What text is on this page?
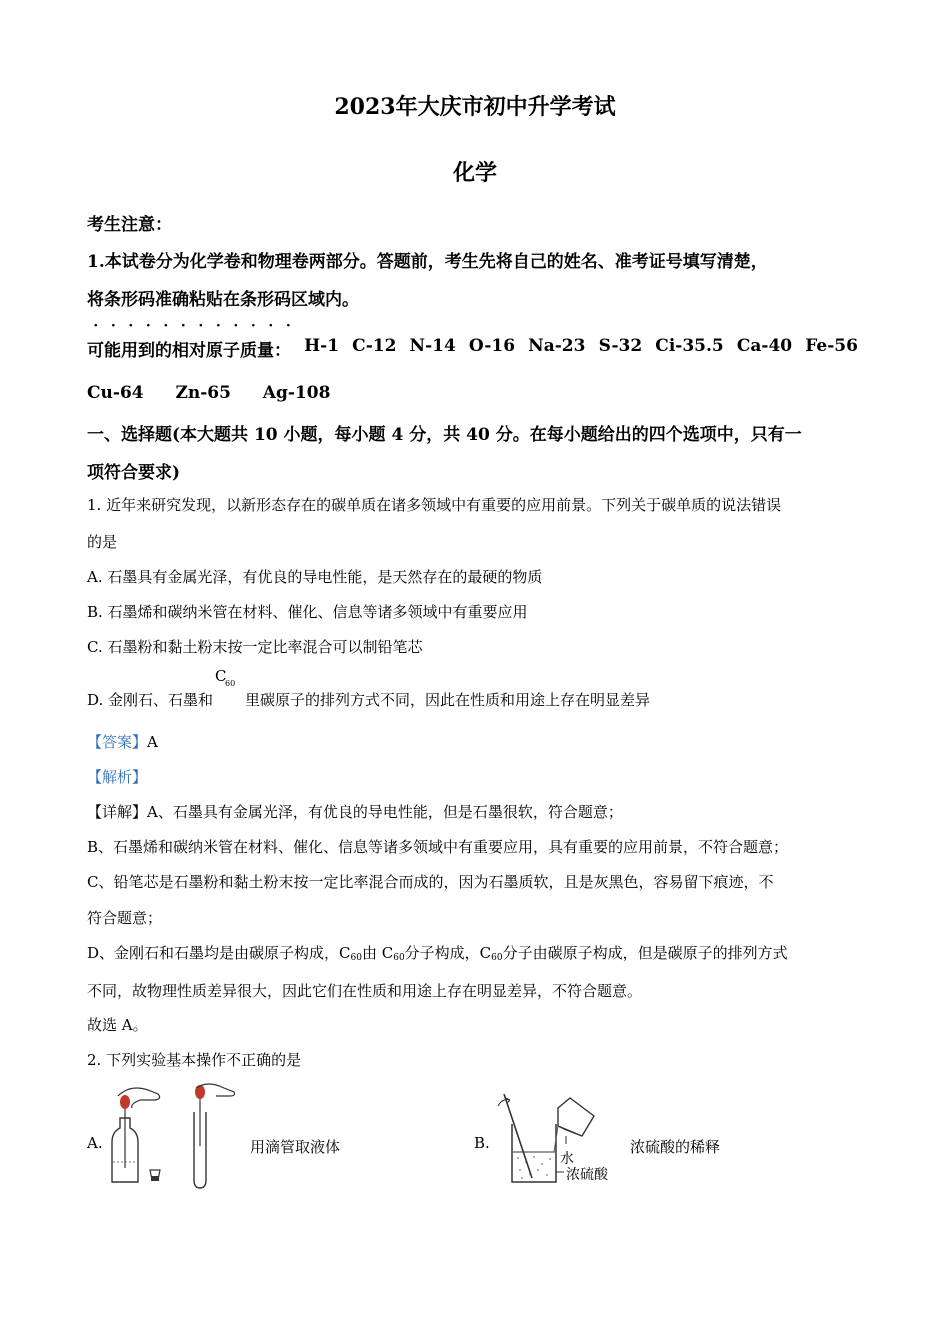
2023年大庆市初中升学考试
化学
考生注意：
1.本试卷分为化学卷和物理卷两部分。答题前，考生先将自己的姓名、准考证号填写清楚，
将条形码准确粘贴在条形码区域内。
· · · · · · · · · · · ·
可能用到的相对原子质量： H-1 C-12 N-14 O-16 Na-23 S-32 Ci-35.5 Ca-40 Fe-56
Cu-64 Zn-65 Ag-108
一、选择题(本大题共 10 小题，每小题 4 分，共 40 分。在每小题给出的四个选项中，只有一
项符合要求)
1. 近年来研究发现，以新形态存在的碳单质在诸多领域中有重要的应用前景。下列关于碳单质的说法错误
的是
A. 石墨具有金属光泽，有优良的导电性能，是天然存在的最硬的物质
B. 石墨烯和碳纳米管在材料、催化、信息等诸多领域中有重要应用
C. 石墨粉和黏土粉末按一定比率混合可以制铅笔芯
D. 金刚石、石墨和
C
60
里碳原子的排列方式不同，因此在性质和用途上存在明显差异
【答案】A
【解析】
【详解】A、石墨具有金属光泽，有优良的导电性能，但是石墨很软，符合题意；
B、石墨烯和碳纳米管在材料、催化、信息等诸多领域中有重要应用，具有重要的应用前景，不符合题意；
C、铅笔芯是石墨粉和黏土粉末按一定比率混合而成的，因为石墨质软，且是灰黑色，容易留下痕迹，不
符合题意；
D、金刚石和石墨均是由碳原子构成，$C_{60}$由 $C_{60}$分子构成，$C_{60}$分子由碳原子构成，但是碳原子的排列方式
不同，故物理性质差异很大，因此它们在性质和用途上存在明显差异，不符合题意。
故选 A。
2. 下列实验基本操作不正确的是
A.	用滴管取液体	B.
水
浓硫酸
浓硫酸的稀释
